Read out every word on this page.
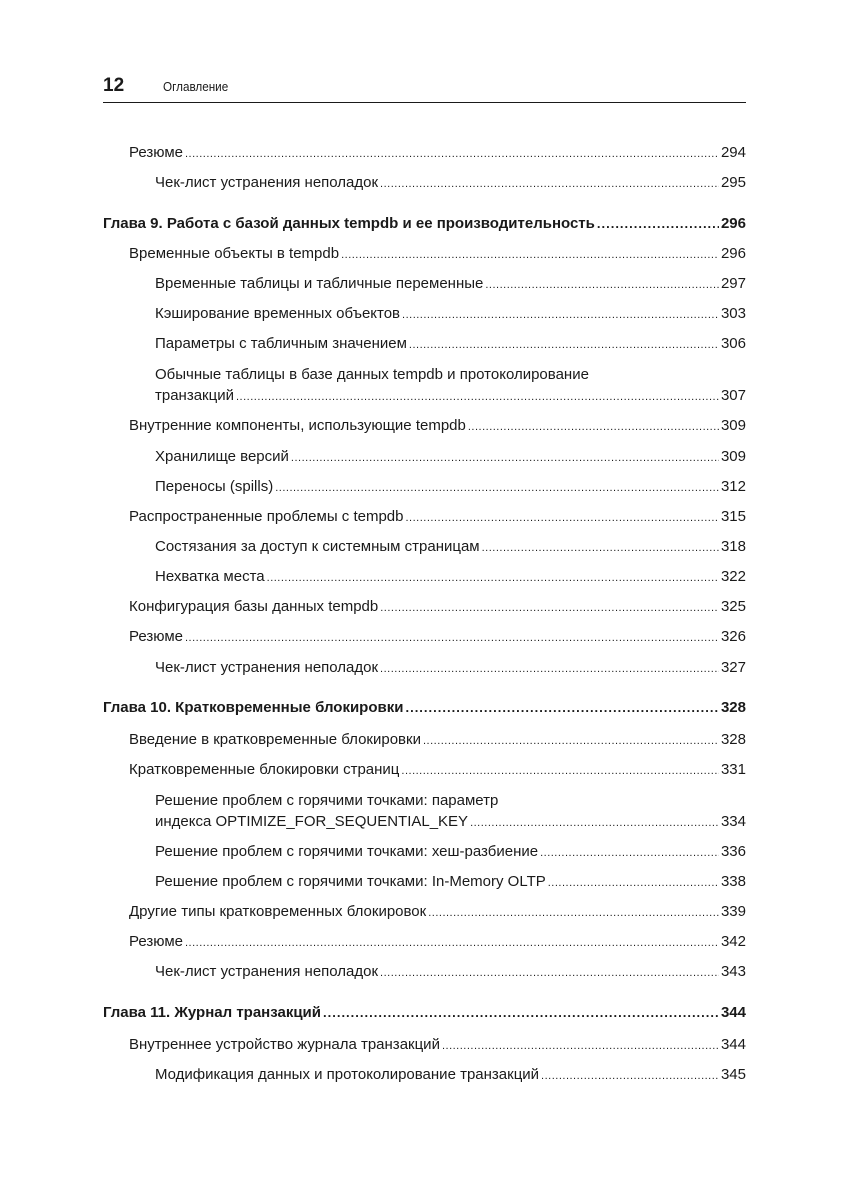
12	Оглавление
Резюме .....	294
Чек-лист устранения неполадок .....	295
Глава 9. Работа с базой данных tempdb и ее производительность .....	296
Временные объекты в tempdb .....	296
Временные таблицы и табличные переменные .....	297
Кэширование временных объектов .....	303
Параметры с табличным значением .....	306
Обычные таблицы в базе данных tempdb и протоколирование
транзакций .....	307
Внутренние компоненты, использующие tempdb .....	309
Хранилище версий .....	309
Переносы (spills) .....	312
Распространенные проблемы с tempdb .....	315
Состязания за доступ к системным страницам .....	318
Нехватка места .....	322
Конфигурация базы данных tempdb .....	325
Резюме .....	326
Чек-лист устранения неполадок .....	327
Глава 10. Кратковременные блокировки .....	328
Введение в кратковременные блокировки .....	328
Кратковременные блокировки страниц .....	331
Решение проблем с горячими точками: параметр
индекса OPTIMIZE_FOR_SEQUENTIAL_KEY .....	334
Решение проблем с горячими точками: хеш-разбиение .....	336
Решение проблем с горячими точками: In-Memory OLTP .....	338
Другие типы кратковременных блокировок .....	339
Резюме .....	342
Чек-лист устранения неполадок .....	343
Глава 11. Журнал транзакций .....	344
Внутреннее устройство журнала транзакций .....	344
Модификация данных и протоколирование транзакций .....	345
